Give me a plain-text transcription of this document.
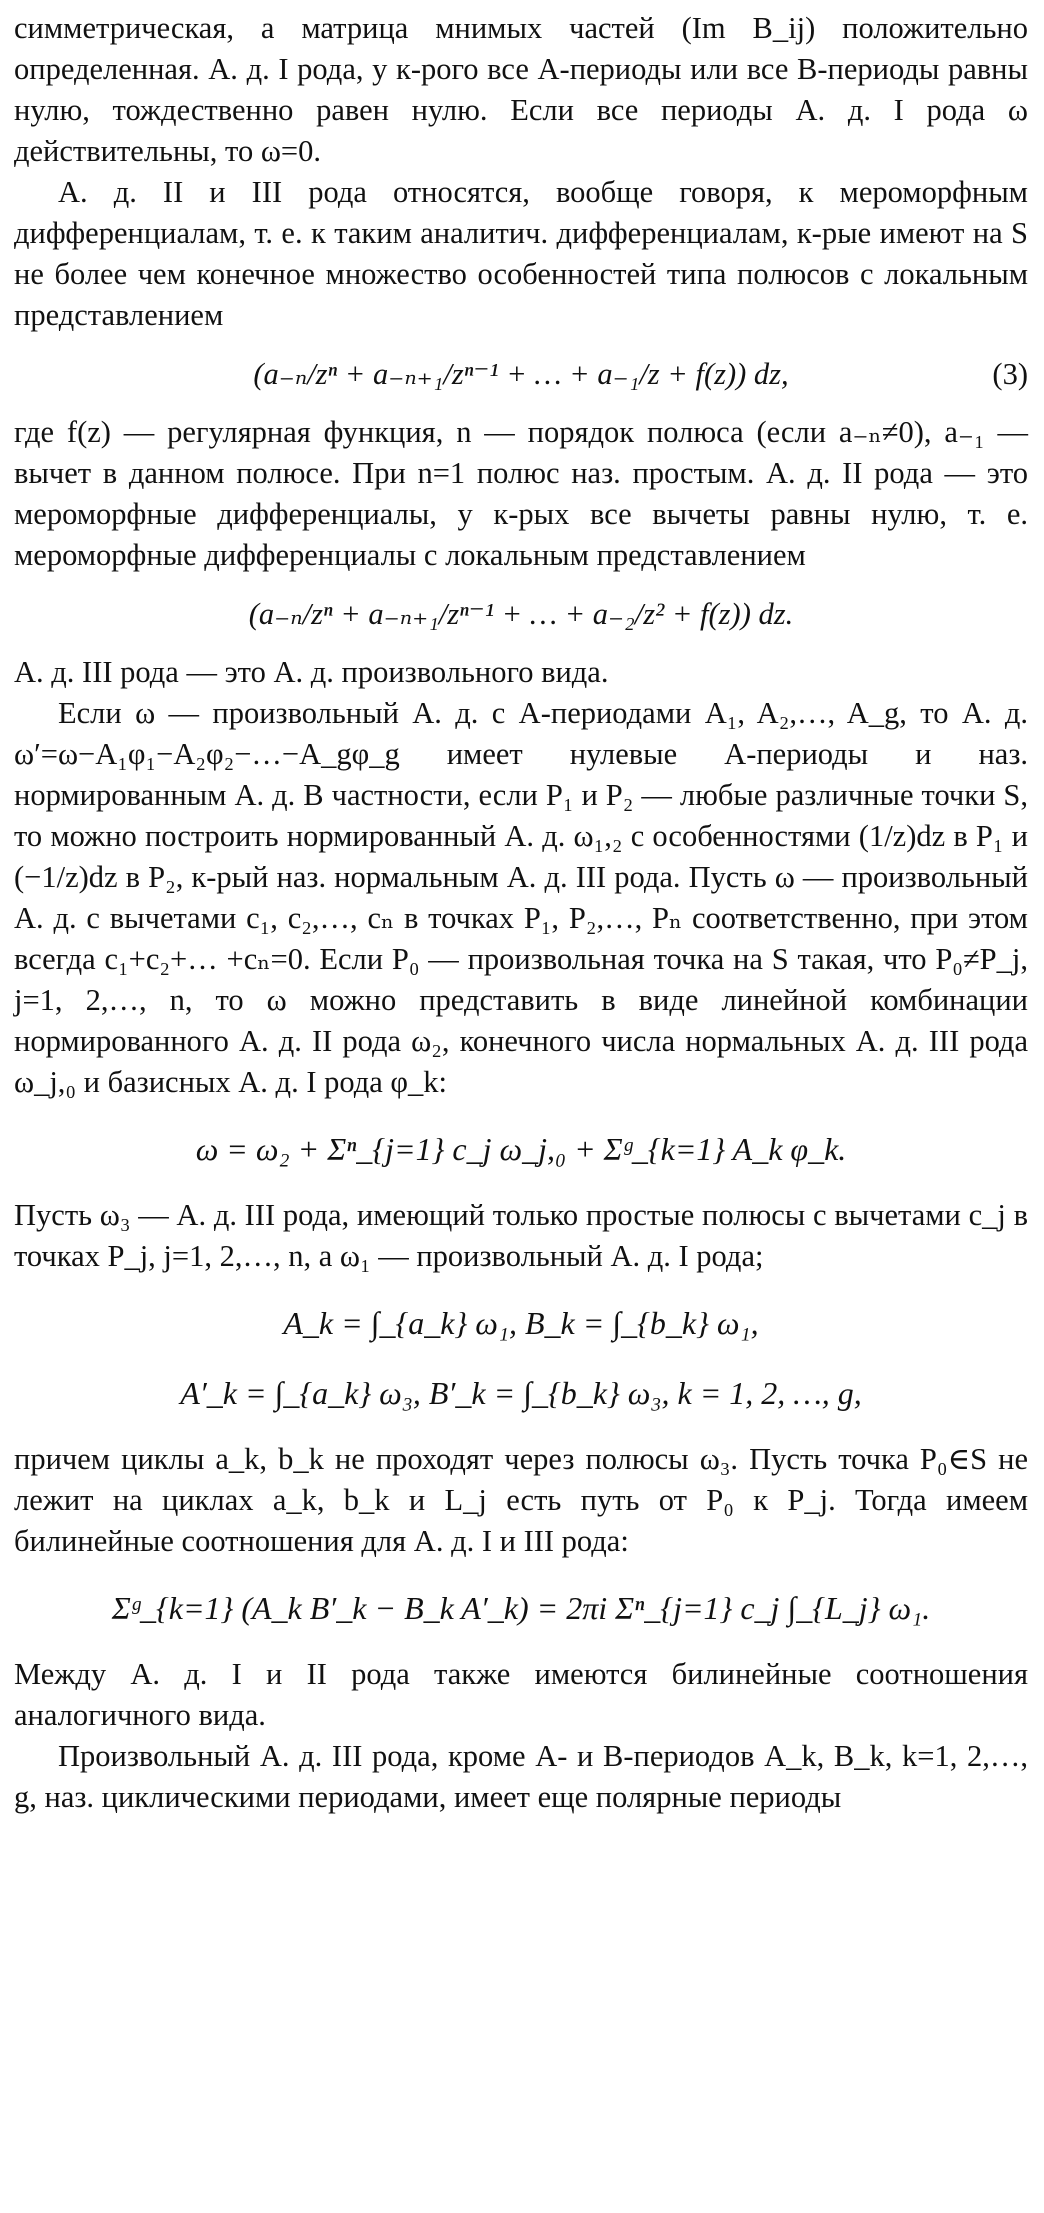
симметрическая, а матрица мнимых частей (Im B_ij) положительно определенная. А. д. I рода, у к-рого все A-периоды или все B-периоды равны нулю, тождественно равен нулю. Если все периоды А. д. I рода ω действительны, то ω=0.

А. д. II и III рода относятся, вообще говоря, к мероморфным дифференциалам, т. е. к таким аналитич. дифференциалам, к-рые имеют на S не более чем конечное множество особенностей типа полюсов с локальным представлением

(a₋ₙ/zⁿ + a₋ₙ₊₁/zⁿ⁻¹ + … + a₋₁/z + f(z)) dz,	(3)

где f(z) — регулярная функция, n — порядок полюса (если a₋ₙ≠0), a₋₁ — вычет в данном полюсе. При n=1 полюс наз. простым. А. д. II рода — это мероморфные дифференциалы, у к-рых все вычеты равны нулю, т. е. мероморфные дифференциалы с локальным представлением

(a₋ₙ/zⁿ + a₋ₙ₊₁/zⁿ⁻¹ + … + a₋₂/z² + f(z)) dz.

А. д. III рода — это А. д. произвольного вида.

Если ω — произвольный А. д. с A-периодами A₁, A₂,…, A_g, то А. д. ω′=ω−A₁φ₁−A₂φ₂−…−A_gφ_g имеет нулевые A-периоды и наз. нормированным А. д. В частности, если P₁ и P₂ — любые различные точки S, то можно построить нормированный А. д. ω₁,₂ с особенностями (1/z)dz в P₁ и (−1/z)dz в P₂, к-рый наз. нормальным А. д. III рода. Пусть ω — произвольный А. д. с вычетами c₁, c₂,…, cₙ в точках P₁, P₂,…, Pₙ соответственно, при этом всегда c₁+c₂+… +cₙ=0. Если P₀ — произвольная точка на S такая, что P₀≠P_j, j=1, 2,…, n, то ω можно представить в виде линейной комбинации нормированного А. д. II рода ω₂, конечного числа нормальных А. д. III рода ω_j,₀ и базисных А. д. I рода φ_k:

ω = ω₂ + Σⁿ_{j=1} c_j ω_j,₀ + Σᵍ_{k=1} A_k φ_k.

Пусть ω₃ — А. д. III рода, имеющий только простые полюсы с вычетами c_j в точках P_j, j=1, 2,…, n, а ω₁ — произвольный А. д. I рода;

A_k = ∫_{a_k} ω₁, B_k = ∫_{b_k} ω₁,
A′_k = ∫_{a_k} ω₃, B′_k = ∫_{b_k} ω₃, k = 1, 2, …, g,

причем циклы a_k, b_k не проходят через полюсы ω₃. Пусть точка P₀∈S не лежит на циклах a_k, b_k и L_j есть путь от P₀ к P_j. Тогда имеем билинейные соотношения для А. д. I и III рода:

Σᵍ_{k=1} (A_k B′_k − B_k A′_k) = 2πi Σⁿ_{j=1} c_j ∫_{L_j} ω₁.

Между А. д. I и II рода также имеются билинейные соотношения аналогичного вида.

Произвольный А. д. III рода, кроме A- и B-периодов A_k, B_k, k=1, 2,…, g, наз. циклическими периодами, имеет еще полярные периоды
